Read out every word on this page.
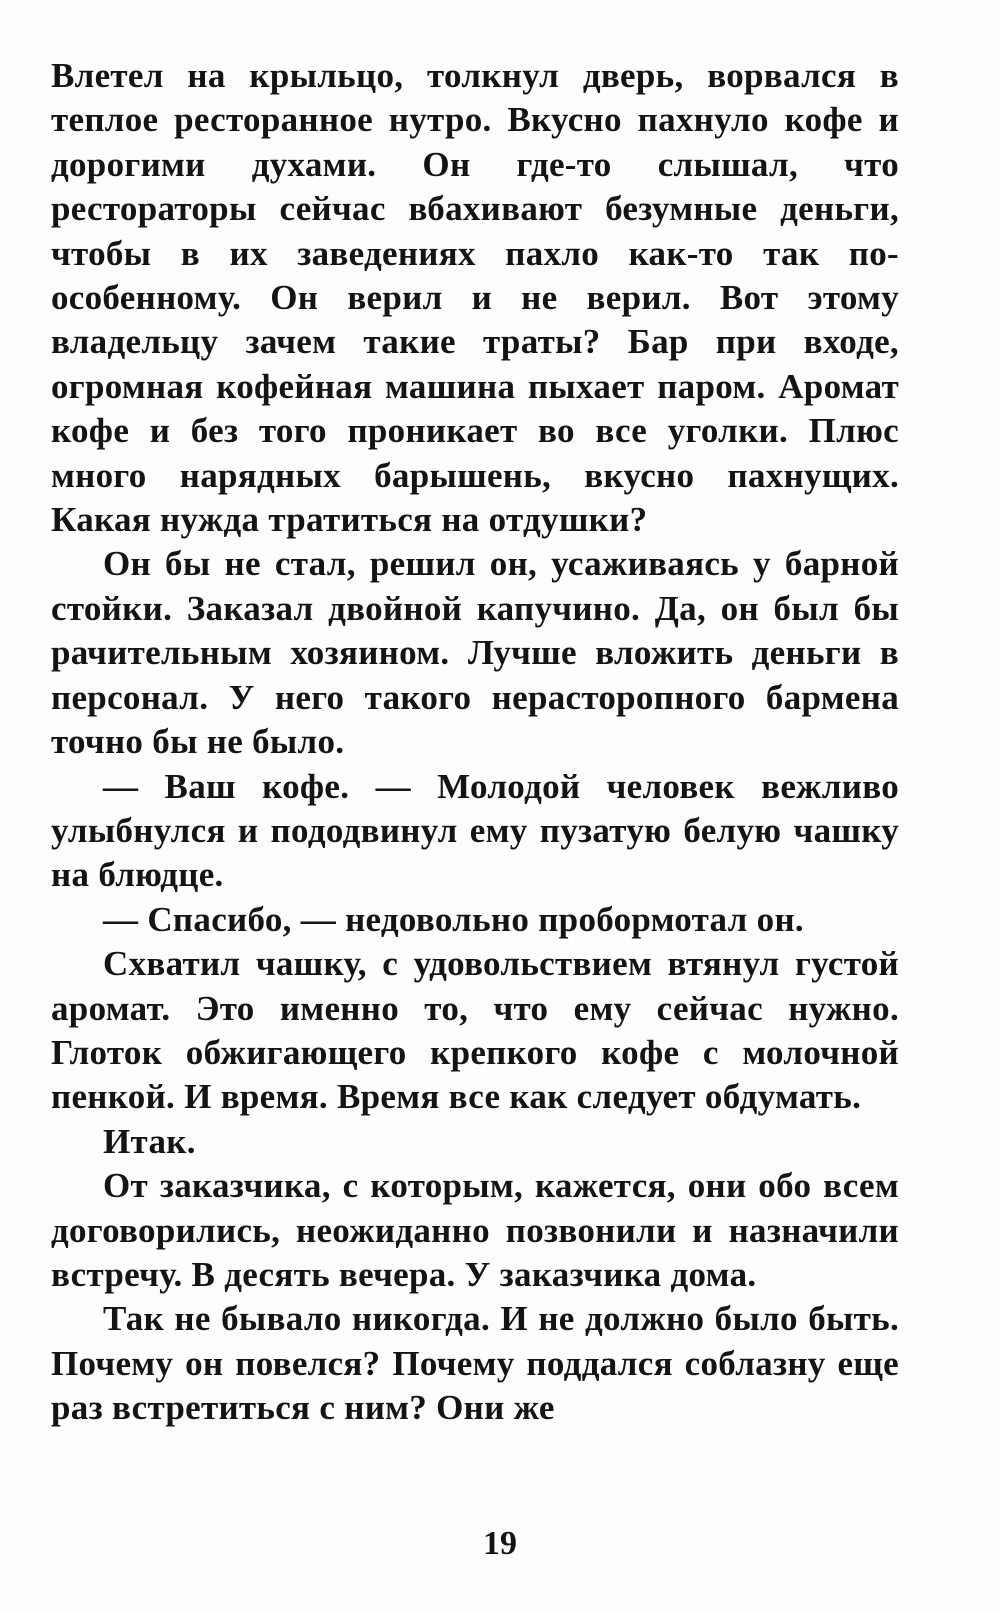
Влетел на крыльцо, толкнул дверь, ворвался в теплое ресторанное нутро. Вкусно пахнуло кофе и дорогими духами. Он где-то слышал, что рестораторы сейчас вбахивают безумные деньги, чтобы в их заведениях пахло как-то так по-особенному. Он верил и не верил. Вот этому владельцу зачем такие траты? Бар при входе, огромная кофейная машина пыхает паром. Аромат кофе и без того проникает во все уголки. Плюс много нарядных барышень, вкусно пахнущих. Какая нужда тратиться на отдушки?

Он бы не стал, решил он, усаживаясь у барной стойки. Заказал двойной капучино. Да, он был бы рачительным хозяином. Лучше вложить деньги в персонал. У него такого нерасторопного бармена точно бы не было.

— Ваш кофе. — Молодой человек вежливо улыбнулся и пододвинул ему пузатую белую чашку на блюдце.

— Спасибо, — недовольно пробормотал он.

Схватил чашку, с удовольствием втянул густой аромат. Это именно то, что ему сейчас нужно. Глоток обжигающего крепкого кофе с молочной пенкой. И время. Время все как следует обдумать.

Итак.

От заказчика, с которым, кажется, они обо всем договорились, неожиданно позвонили и назначили встречу. В десять вечера. У заказчика дома.

Так не бывало никогда. И не должно было быть. Почему он повелся? Почему поддался соблазну еще раз встретиться с ним? Они же

19
